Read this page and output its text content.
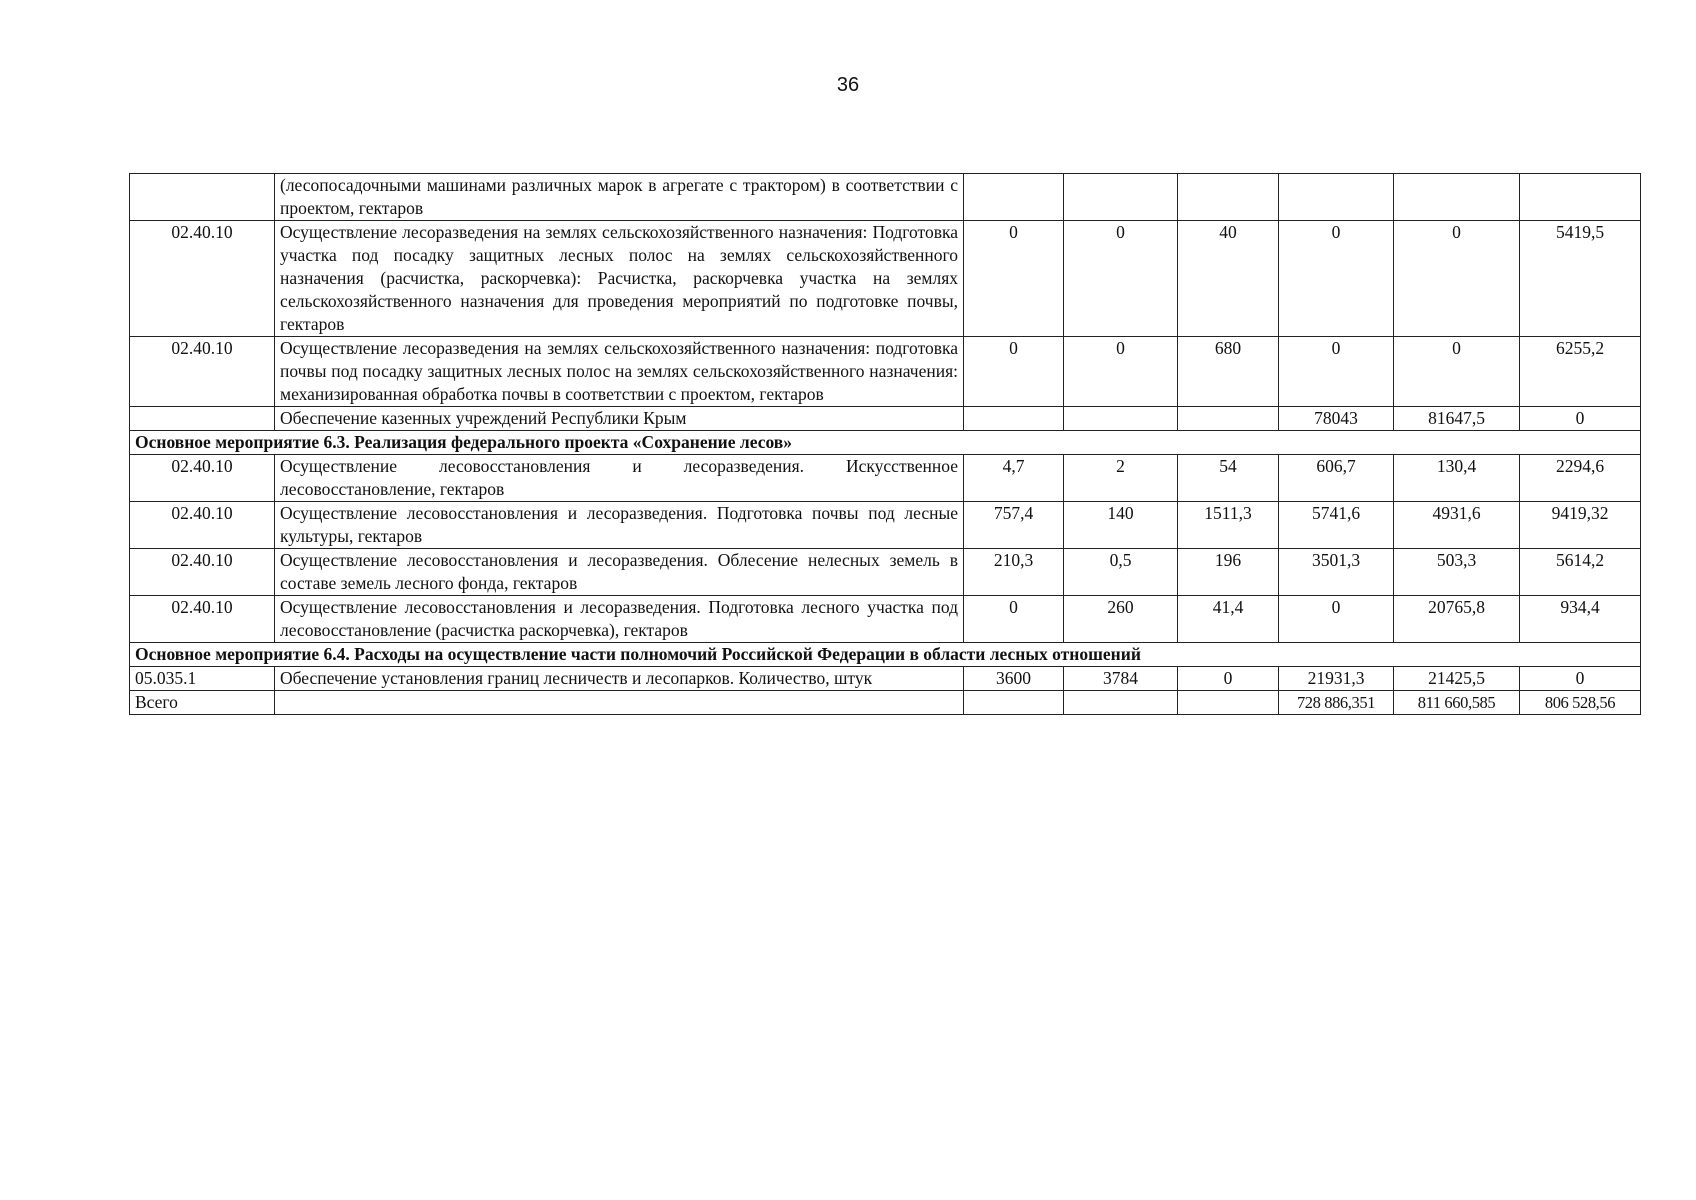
36
	(лесопосадочными машинами различных марок в агрегате с трактором) в соответствии с проектом, гектаров						
02.40.10	Осуществление лесоразведения на землях сельскохозяйственного назначения: Подготовка участка под посадку защитных лесных полос на землях сельскохозяйственного назначения (расчистка, раскорчевка): Расчистка, раскорчевка участка на землях сельскохозяйственного назначения для проведения мероприятий по подготовке почвы, гектаров	0	0	40	0	0	5419,5
02.40.10	Осуществление лесоразведения на землях сельскохозяйственного назначения: подготовка почвы под посадку защитных лесных полос на землях сельскохозяйственного назначения: механизированная обработка почвы в соответствии с проектом, гектаров	0	0	680	0	0	6255,2
	Обеспечение казенных учреждений Республики Крым				78043	81647,5	0
Основное мероприятие 6.3. Реализация федерального проекта «Сохранение лесов»							
02.40.10	Осуществление лесовосстановления и лесоразведения. Искусственное лесовосстановление, гектаров	4,7	2	54	606,7	130,4	2294,6
02.40.10	Осуществление лесовосстановления и лесоразведения. Подготовка почвы под лесные культуры, гектаров	757,4	140	1511,3	5741,6	4931,6	9419,32
02.40.10	Осуществление лесовосстановления и лесоразведения. Облесение нелесных земель в составе земель лесного фонда, гектаров	210,3	0,5	196	3501,3	503,3	5614,2
02.40.10	Осуществление лесовосстановления и лесоразведения. Подготовка лесного участка под лесовосстановление (расчистка раскорчевка), гектаров	0	260	41,4	0	20765,8	934,4
Основное мероприятие 6.4. Расходы на осуществление части полномочий Российской Федерации в области лесных отношений							
05.035.1	Обеспечение установления границ лесничеств и лесопарков. Количество, штук	3600	3784	0	21931,3	21425,5	0
Всего					728 886,351	811 660,585	806 528,56
